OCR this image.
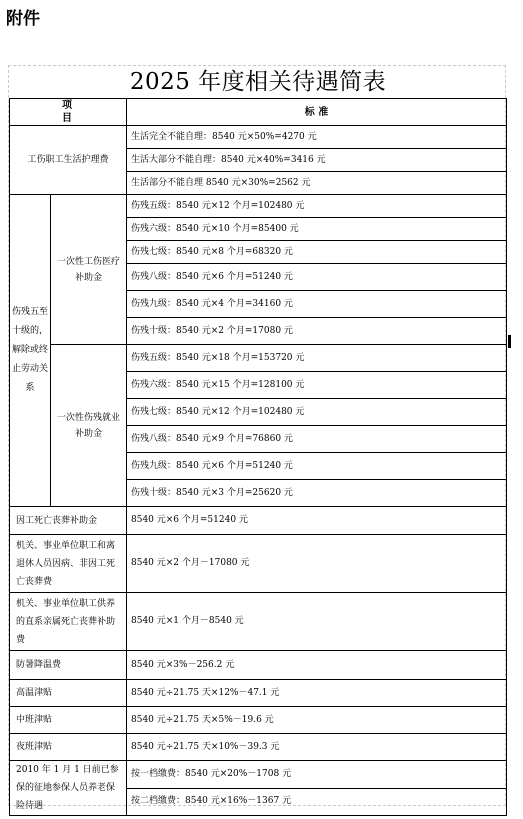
附件
2025 年度相关待遇简表		
项 目		标 准
工伤职工生活护理费		生活完全不能自理：8540 元×50%=4270 元
		生活大部分不能自理：8540 元×40%=3416 元
		生活部分不能自理 8540 元×30%=2562 元
伤残五至十级的，解除或终止劳动关系	一次性工伤医疗补助金	伤残五级：8540 元×12 个月=102480 元
		伤残六级：8540 元×10 个月=85400 元
		伤残七级：8540 元×8 个月=68320 元
		伤残八级：8540 元×6 个月=51240 元
		伤残九级：8540 元×4 个月=34160 元
		伤残十级：8540 元×2 个月=17080 元
	一次性伤残就业补助金	伤残五级：8540 元×18 个月=153720 元
		伤残六级：8540 元×15 个月=128100 元
		伤残七级：8540 元×12 个月=102480 元
		伤残八级：8540 元×9 个月=76860 元
		伤残九级：8540 元×6 个月=51240 元
		伤残十级：8540 元×3 个月=25620 元
因工死亡丧葬补助金		8540 元×6 个月=51240 元
机关、事业单位职工和离退休人员因病、非因工死亡丧葬费		8540 元×2 个月－17080 元
机关、事业单位职工供养的直系亲属死亡丧葬补助费		8540 元×1 个月－8540 元
防暑降温费		8540 元×3%－256.2 元
高温津贴		8540 元÷21.75 天×12%－47.1 元
中班津贴		8540 元÷21.75 天×5%－19.6 元
夜班津贴		8540 元÷21.75 天×10%－39.3 元
2010 年 1 月 1 日前已参保的征地参保人员养老保险待遇		按一档缴费：8540 元×20%－1708 元
		按二档缴费：8540 元×16%－1367 元
